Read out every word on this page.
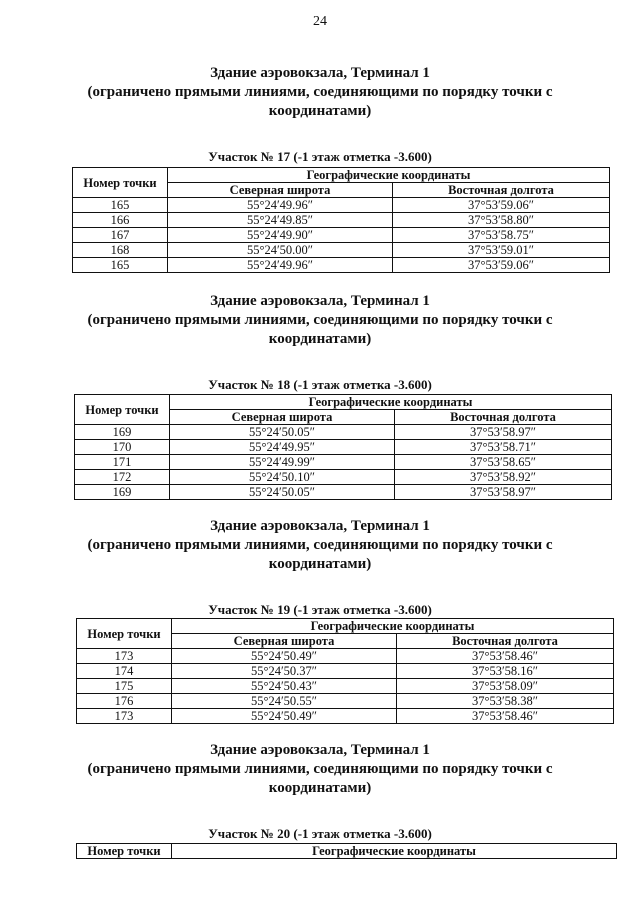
24
Здание аэровокзала, Терминал 1
(ограничено прямыми линиями, соединяющими по порядку точки с координатами)
Участок № 17 (-1 этаж отметка -3.600)
Номер точки	Географические координаты	
	Северная широта	Восточная долгота
165	55°24′49.96″	37°53′59.06″
166	55°24′49.85″	37°53′58.80″
167	55°24′49.90″	37°53′58.75″
168	55°24′50.00″	37°53′59.01″
165	55°24′49.96″	37°53′59.06″
Здание аэровокзала, Терминал 1
(ограничено прямыми линиями, соединяющими по порядку точки с координатами)
Участок № 18 (-1 этаж отметка -3.600)
Номер точки	Географические координаты	
	Северная широта	Восточная долгота
169	55°24′50.05″	37°53′58.97″
170	55°24′49.95″	37°53′58.71″
171	55°24′49.99″	37°53′58.65″
172	55°24′50.10″	37°53′58.92″
169	55°24′50.05″	37°53′58.97″
Здание аэровокзала, Терминал 1
(ограничено прямыми линиями, соединяющими по порядку точки с координатами)
Участок № 19 (-1 этаж отметка -3.600)
Номер точки	Географические координаты	
	Северная широта	Восточная долгота
173	55°24′50.49″	37°53′58.46″
174	55°24′50.37″	37°53′58.16″
175	55°24′50.43″	37°53′58.09″
176	55°24′50.55″	37°53′58.38″
173	55°24′50.49″	37°53′58.46″
Здание аэровокзала, Терминал 1
(ограничено прямыми линиями, соединяющими по порядку точки с координатами)
Участок № 20 (-1 этаж отметка -3.600)
Номер точки	Географические координаты
